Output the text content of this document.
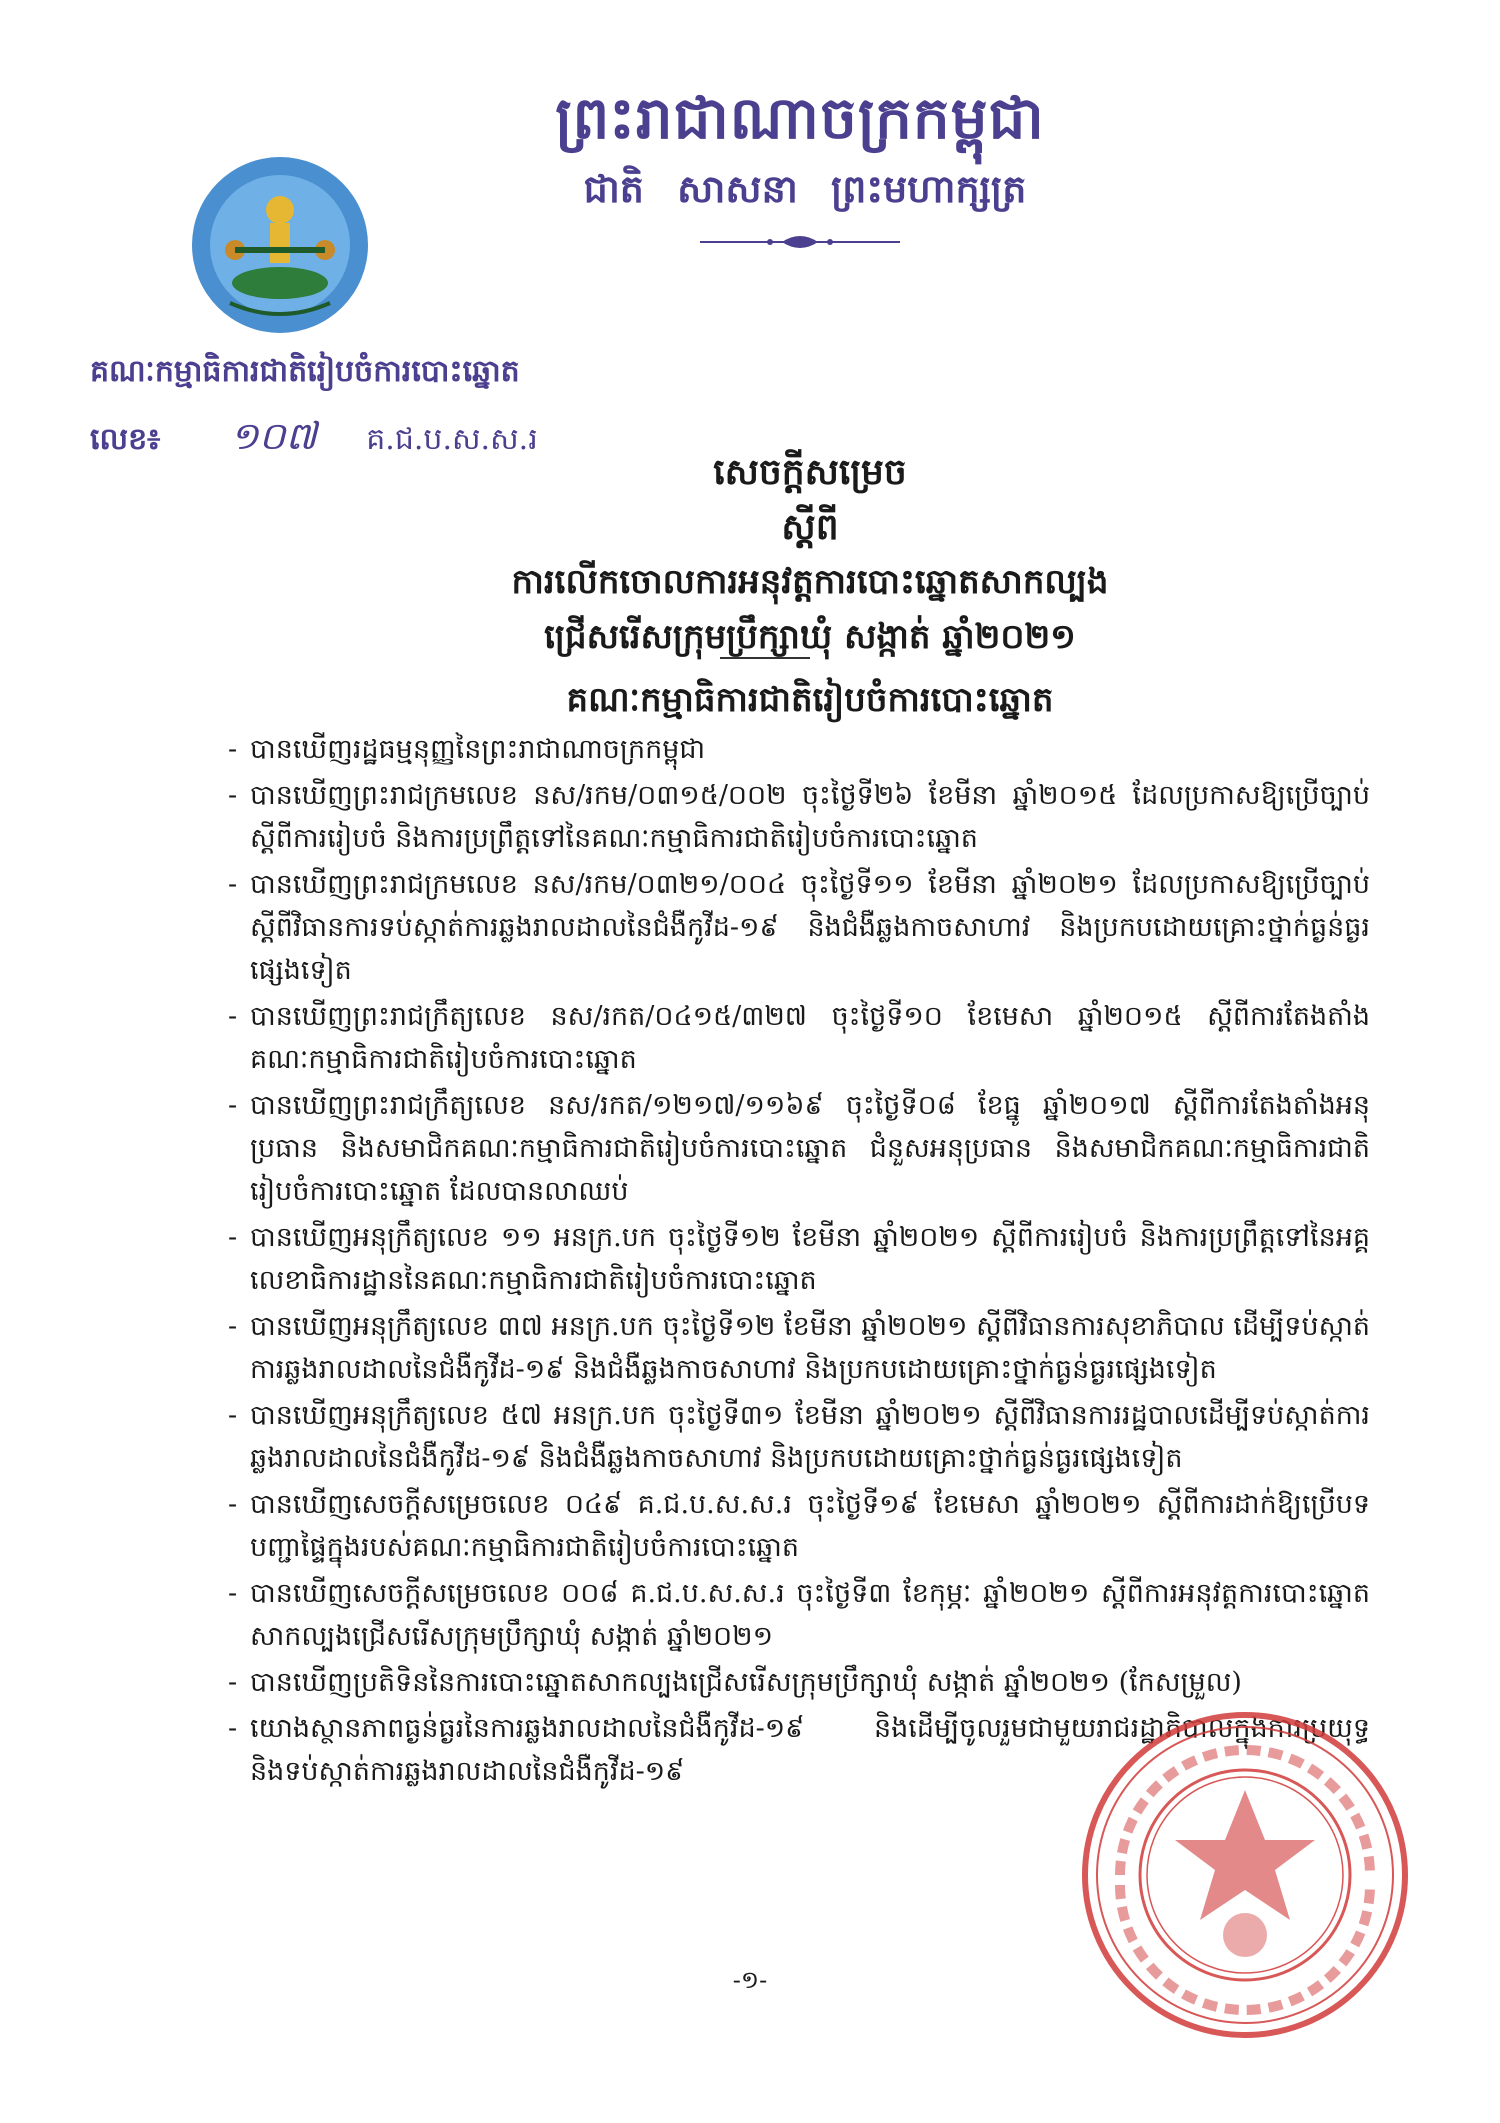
ព្រះរាជាណាចក្រកម្ពុជា
ជាតិ សាសនា ព្រះមហាក្សត្រ
គណៈកម្មាធិការជាតិរៀបចំការបោះឆ្នោត
លេខ៖ ១០៧ គ.ជ.ប.ស.ស.រ
សេចក្តីសម្រេច
ស្តីពី
ការលើកចោលការអនុវត្តការបោះឆ្នោតសាកល្បង
ជ្រើសរើសក្រុមប្រឹក្សាឃុំ សង្កាត់ ឆ្នាំ២០២១
គណៈកម្មាធិការជាតិរៀបចំការបោះឆ្នោត
- បានឃើញរដ្ឋធម្មនុញ្ញនៃព្រះរាជាណាចក្រកម្ពុជា
- បានឃើញព្រះរាជក្រមលេខ នស/រកម/០៣១៥/០០២ ចុះថ្ងៃទី២៦ ខែមីនា ឆ្នាំ២០១៥ ដែលប្រកាសឱ្យប្រើច្បាប់ស្តីពីការរៀបចំ និងការប្រព្រឹត្តទៅនៃគណៈកម្មាធិការជាតិរៀបចំការបោះឆ្នោត
- បានឃើញព្រះរាជក្រមលេខ នស/រកម/០៣២១/០០៤ ចុះថ្ងៃទី១១ ខែមីនា ឆ្នាំ២០២១ ដែលប្រកាសឱ្យប្រើច្បាប់ស្តីពីវិធានការទប់ស្កាត់ការឆ្លងរាលដាលនៃជំងឺកូវីដ-១៩ និងជំងឺឆ្លងកាចសាហាវ និងប្រកបដោយគ្រោះថ្នាក់ធ្ងន់ធ្ងរផ្សេងទៀត
- បានឃើញព្រះរាជក្រឹត្យលេខ នស/រកត/០៤១៥/៣២៧ ចុះថ្ងៃទី១០ ខែមេសា ឆ្នាំ២០១៥ ស្តីពីការតែងតាំងគណៈកម្មាធិការជាតិរៀបចំការបោះឆ្នោត
- បានឃើញព្រះរាជក្រឹត្យលេខ នស/រកត/១២១៧/១១៦៩ ចុះថ្ងៃទី០៨ ខែធ្នូ ឆ្នាំ២០១៧ ស្តីពីការតែងតាំងអនុប្រធាន និងសមាជិកគណៈកម្មាធិការជាតិរៀបចំការបោះឆ្នោត ជំនួសអនុប្រធាន និងសមាជិកគណៈកម្មាធិការជាតិរៀបចំការបោះឆ្នោត ដែលបានលាឈប់
- បានឃើញអនុក្រឹត្យលេខ ១១ អនក្រ.បក ចុះថ្ងៃទី១២ ខែមីនា ឆ្នាំ២០២១ ស្តីពីការរៀបចំ និងការប្រព្រឹត្តទៅនៃអគ្គលេខាធិការដ្ឋាននៃគណៈកម្មាធិការជាតិរៀបចំការបោះឆ្នោត
- បានឃើញអនុក្រឹត្យលេខ ៣៧ អនក្រ.បក ចុះថ្ងៃទី១២ ខែមីនា ឆ្នាំ២០២១ ស្តីពីវិធានការសុខាភិបាល ដើម្បីទប់ស្កាត់ការឆ្លងរាលដាលនៃជំងឺកូវីដ-១៩ និងជំងឺឆ្លងកាចសាហាវ និងប្រកបដោយគ្រោះថ្នាក់ធ្ងន់ធ្ងរផ្សេងទៀត
- បានឃើញអនុក្រឹត្យលេខ ៥៧ អនក្រ.បក ចុះថ្ងៃទី៣១ ខែមីនា ឆ្នាំ២០២១ ស្តីពីវិធានការរដ្ឋបាលដើម្បីទប់ស្កាត់ការឆ្លងរាលដាលនៃជំងឺកូវីដ-១៩ និងជំងឺឆ្លងកាចសាហាវ និងប្រកបដោយគ្រោះថ្នាក់ធ្ងន់ធ្ងរផ្សេងទៀត
- បានឃើញសេចក្តីសម្រេចលេខ ០៤៩ គ.ជ.ប.ស.ស.រ ចុះថ្ងៃទី១៩ ខែមេសា ឆ្នាំ២០២១ ស្តីពីការដាក់ឱ្យប្រើបទបញ្ជាផ្ទៃក្នុងរបស់គណៈកម្មាធិការជាតិរៀបចំការបោះឆ្នោត
- បានឃើញសេចក្តីសម្រេចលេខ ០០៨ គ.ជ.ប.ស.ស.រ ចុះថ្ងៃទី៣ ខែកុម្ភៈ ឆ្នាំ២០២១ ស្តីពីការអនុវត្តការបោះឆ្នោតសាកល្បងជ្រើសរើសក្រុមប្រឹក្សាឃុំ សង្កាត់ ឆ្នាំ២០២១
- បានឃើញប្រតិទិននៃការបោះឆ្នោតសាកល្បងជ្រើសរើសក្រុមប្រឹក្សាឃុំ សង្កាត់ ឆ្នាំ២០២១ (កែសម្រួល)
- យោងស្ថានភាពធ្ងន់ធ្ងរនៃការឆ្លងរាលដាលនៃជំងឺកូវីដ-១៩ និងដើម្បីចូលរួមជាមួយរាជរដ្ឋាភិបាលក្នុងការប្រយុទ្ធ និងទប់ស្កាត់ការឆ្លងរាលដាលនៃជំងឺកូវីដ-១៩
-១-
